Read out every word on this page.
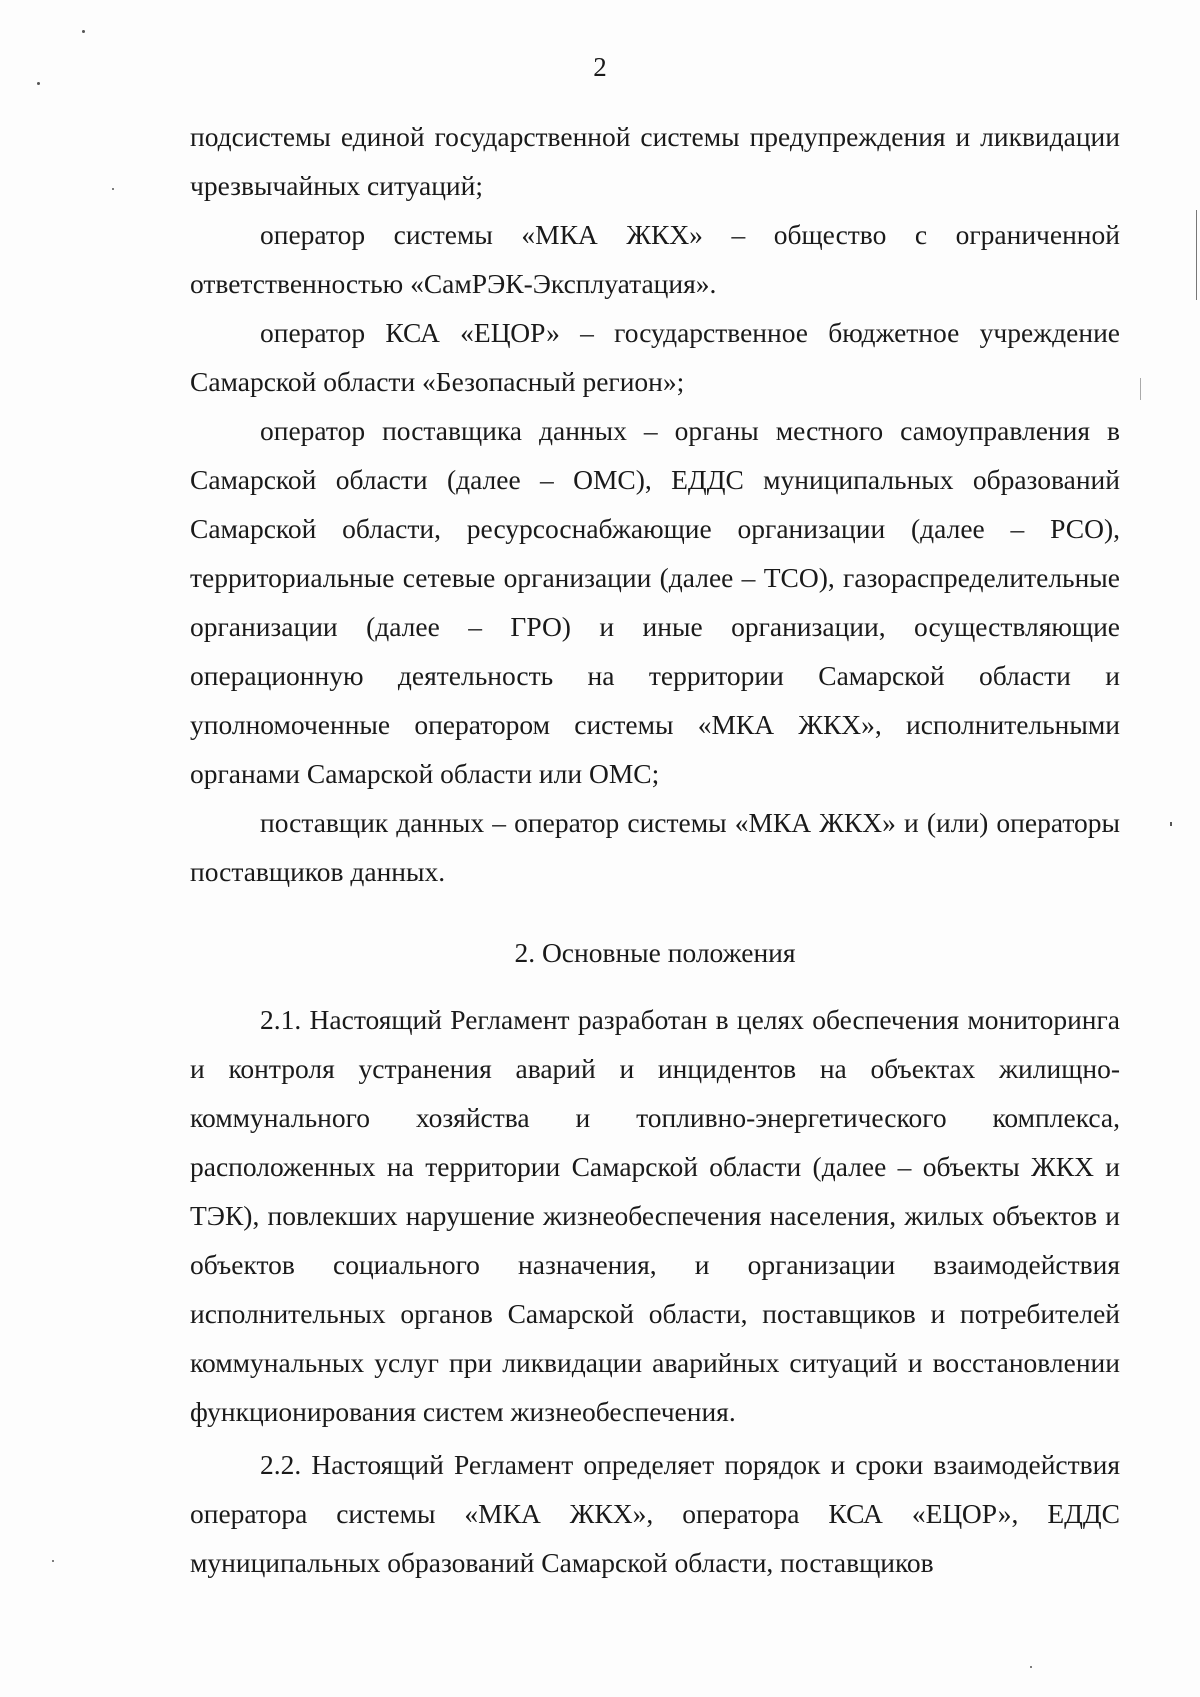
2

подсистемы единой государственной системы предупреждения и ликвидации чрезвычайных ситуаций;

оператор системы «МКА ЖКХ» – общество с ограниченной ответственностью «СамРЭК-Эксплуатация».

оператор КСА «ЕЦОР» – государственное бюджетное учреждение Самарской области «Безопасный регион»;

оператор поставщика данных – органы местного самоуправления в Самарской области (далее – ОМС), ЕДДС муниципальных образований Самарской области, ресурсоснабжающие организации (далее – РСО), территориальные сетевые организации (далее – ТСО), газораспределительные организации (далее – ГРО) и иные организации, осуществляющие операционную деятельность на территории Самарской области и уполномоченные оператором системы «МКА ЖКХ», исполнительными органами Самарской области или ОМС;

поставщик данных – оператор системы «МКА ЖКХ» и (или) операторы поставщиков данных.

2. Основные положения

2.1. Настоящий Регламент разработан в целях обеспечения мониторинга и контроля устранения аварий и инцидентов на объектах жилищно-коммунального хозяйства и топливно-энергетического комплекса, расположенных на территории Самарской области (далее – объекты ЖКХ и ТЭК), повлекших нарушение жизнеобеспечения населения, жилых объектов и объектов социального назначения, и организации взаимодействия исполнительных органов Самарской области, поставщиков и потребителей коммунальных услуг при ликвидации аварийных ситуаций и восстановлении функционирования систем жизнеобеспечения.

2.2. Настоящий Регламент определяет порядок и сроки взаимодействия оператора системы «МКА ЖКХ», оператора КСА «ЕЦОР», ЕДДС муниципальных образований Самарской области, поставщиков
